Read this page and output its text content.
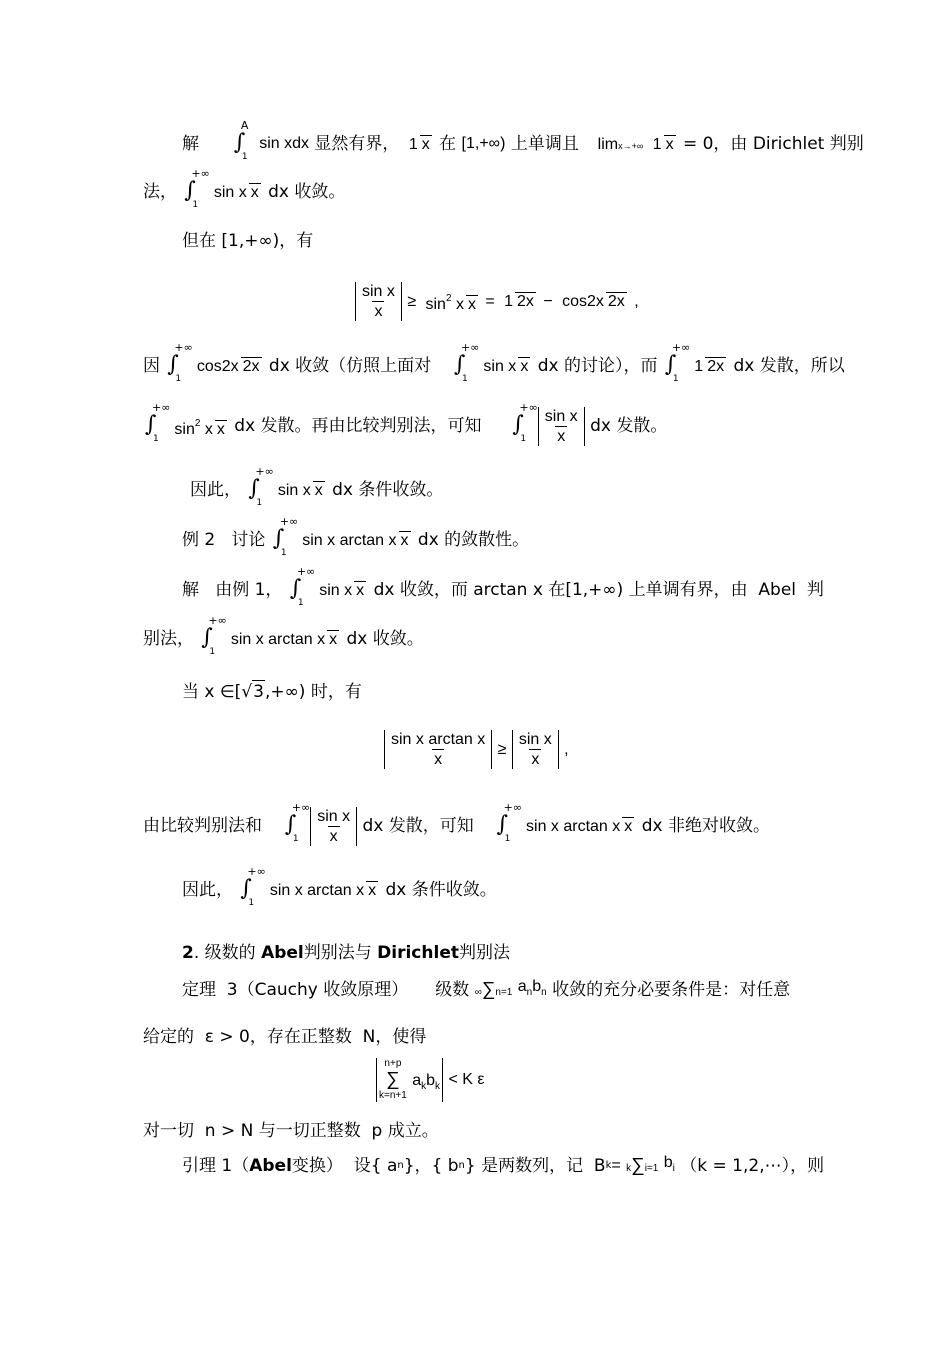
解 ∫
A
1
sin xdx 显然有界， 1 x 在 [1,+∞) 上单调且 limx→+∞ 1 x = 0，由 Dirichlet 判别
法， ∫
+∞
1
sin x x dx 收敛。
但在 [1,+∞)，有
$\frac{\text{sin x}}{x} \ge \sin^2 x$ x = 1 2x − cos2x 2x ,
因 ∫
+∞
1
cos2x 2x dx 收敛（仿照上面对 ∫
+∞
1
sin x x dx 的讨论），而 ∫
+∞
1
1 2x dx 发散，所以
∫
+∞
1
$\sin^2 x$ x dx 发散。再由比较判别法，可知 ∫
+∞
1
$\frac{\text{sin x}}{x}$ dx 发散。
因此， ∫
+∞
1
sin x x dx 条件收敛。
例 2   讨论 ∫
+∞
1
sin x arctan x x dx 的敛散性。
解   由例 1， ∫
+∞
1
sin x x dx 收敛，而 arctan x 在[1,+∞) 上单调有界，由  Abel  判
别法， ∫
+∞
1
sin x arctan x x dx 收敛。
当 x ∈[√3,+∞) 时，有
$\frac{\text{sin x arctan x}}{x} \ge \frac{\text{sin x}}{x}$ ,
由比较判别法和 ∫
+∞
1
$\frac{\text{sin x}}{x}$ dx 发散，可知 ∫
+∞
1
sin x arctan x x dx 非绝对收敛。
因此， ∫
+∞
1
sin x arctan x x dx 条件收敛。
2. 级数的 Abel判别法与 Dirichlet判别法
定理  3（Cauchy 收敛原理）     级数 ∞∑n=1 $a_nb_n$ 收敛的充分必要条件是：对任意
给定的  ε > 0，存在正整数  N，使得
n+p
∑
k=n+1
$a_kb_k < K$ ε
对一切  n > N 与一切正整数  p 成立。
引理 1（Abel变换）  设{ an}，{ bn} 是两数列，记  Bk= k∑i=1 $b_i$ （k = 1,2,⋯），则
